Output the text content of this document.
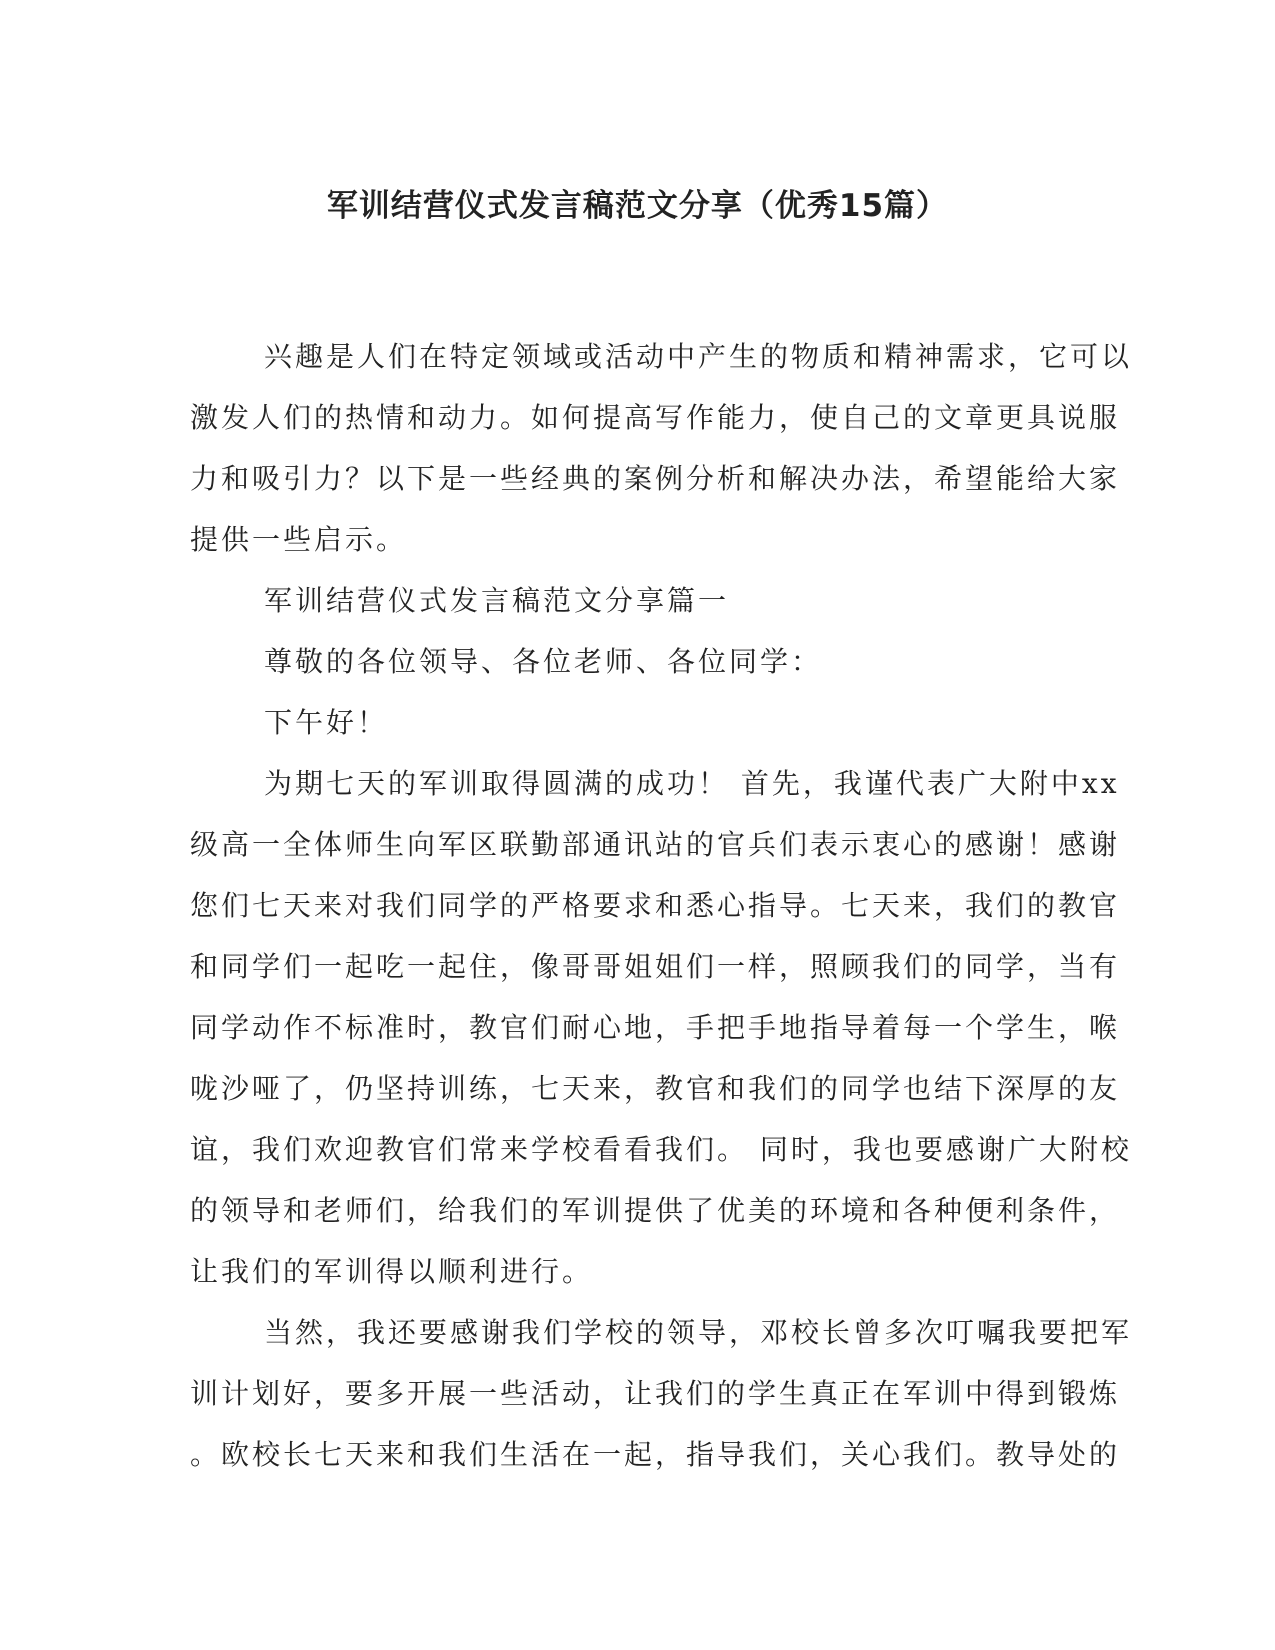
军训结营仪式发言稿范文分享（优秀15篇）
兴趣是人们在特定领域或活动中产生的物质和精神需求，它可以
激发人们的热情和动力。如何提高写作能力，使自己的文章更具说服
力和吸引力？以下是一些经典的案例分析和解决办法，希望能给大家
提供一些启示。
军训结营仪式发言稿范文分享篇一
尊敬的各位领导、各位老师、各位同学：
下午好！
为期七天的军训取得圆满的成功！ 首先，我谨代表广大附中xx
级高一全体师生向军区联勤部通讯站的官兵们表示衷心的感谢！感谢
您们七天来对我们同学的严格要求和悉心指导。七天来，我们的教官
和同学们一起吃一起住，像哥哥姐姐们一样，照顾我们的同学，当有
同学动作不标准时，教官们耐心地，手把手地指导着每一个学生，喉
咙沙哑了，仍坚持训练，七天来，教官和我们的同学也结下深厚的友
谊，我们欢迎教官们常来学校看看我们。 同时，我也要感谢广大附校
的领导和老师们，给我们的军训提供了优美的环境和各种便利条件，
让我们的军训得以顺利进行。
当然，我还要感谢我们学校的领导，邓校长曾多次叮嘱我要把军
训计划好，要多开展一些活动，让我们的学生真正在军训中得到锻炼
。欧校长七天来和我们生活在一起，指导我们，关心我们。教导处的
